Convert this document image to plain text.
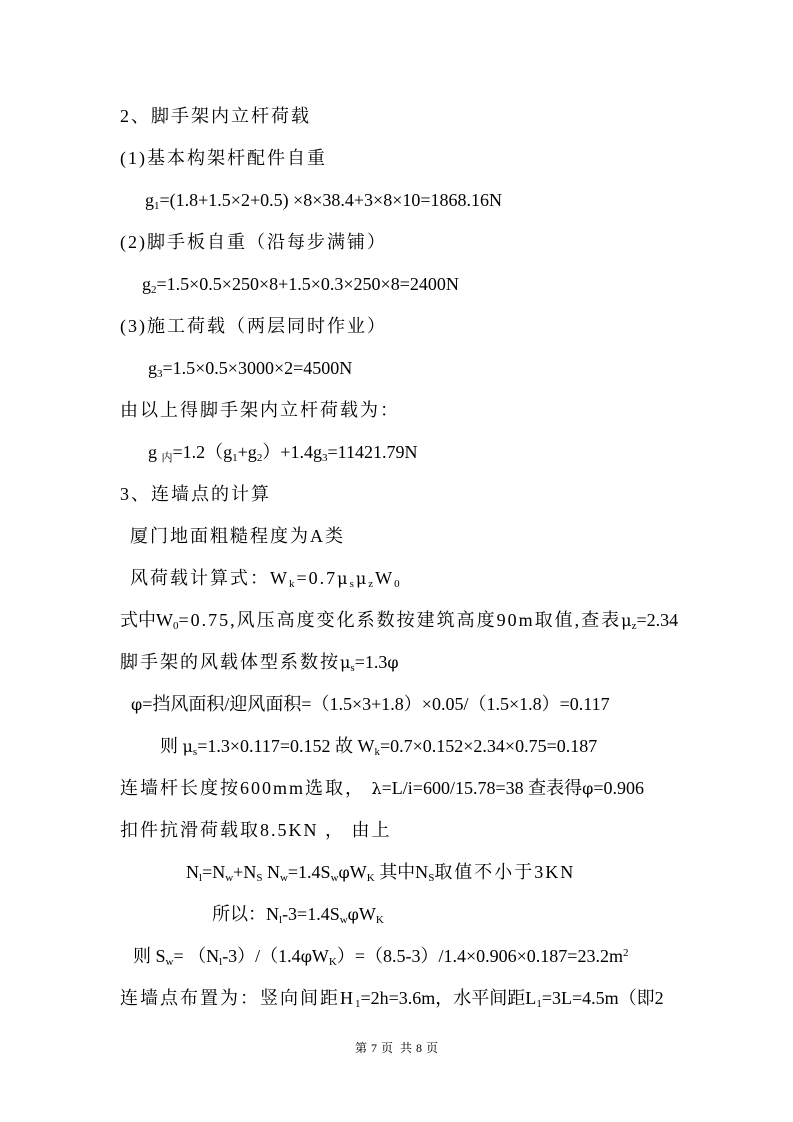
2、脚手架内立杆荷载
(1)基本构架杆配件自重
$g_1=(1.8+1.5\times 2+0.5) \times 8\times 38.4+3\times 8\times 10=1868.16N$
(2)脚手板自重（沿每步满铺）
$g_2=1.5\times 0.5\times 250\times 8+1.5\times 0.3\times 250\times 8=2400N$
(3)施工荷载（两层同时作业）
$g_3=1.5\times 0.5\times 3000\times 2=4500N$
由以上得脚手架内立杆荷载为：
g $_内=1.2(g_1+g_2)+1.4g_3=11421.79N$
3、连墙点的计算
厦门地面粗糙程度为A类
风荷载计算式：$W_k=0.7\mu_s\mu_zW_0$
式中$W_0=0.75$,风压高度变化系数按建筑高度90m取值,查表$\mu_z=2.34$
脚手架的风载体型系数按$\mu_s=1.3\varphi$
φ=挡风面积/迎风面积=（1.5×3+1.8）×0.05/（1.5×1.8）=0.117
则 $\mu_s=1.3\times 0.117=0.152$ 故 $W_k=0.7\times 0.152\times 2.34\times 0.75=0.187$
连墙杆长度按600mm选取， λ=L/i=600/15.78=38 查表得φ=0.906
扣件抗滑荷载取8.5KN ， 由上
$N_l=N_w+N_S$ $N_w=1.4S_w\varphi W_K$ 其中$N_S$取值不小于3KN
所以：$N_l-3=1.4S_w\varphi W_K$
则 $S_w= (N_l-3)/(1.4\varphi W_K)=(8.5-3)/1.4\times 0.906\times 0.187=23.2m^2$
连墙点布置为：竖向间距$H_1=2h=3.6m$，水平间距$L_1=3L=4.5m$（即2
第 7 页 共 8 页
